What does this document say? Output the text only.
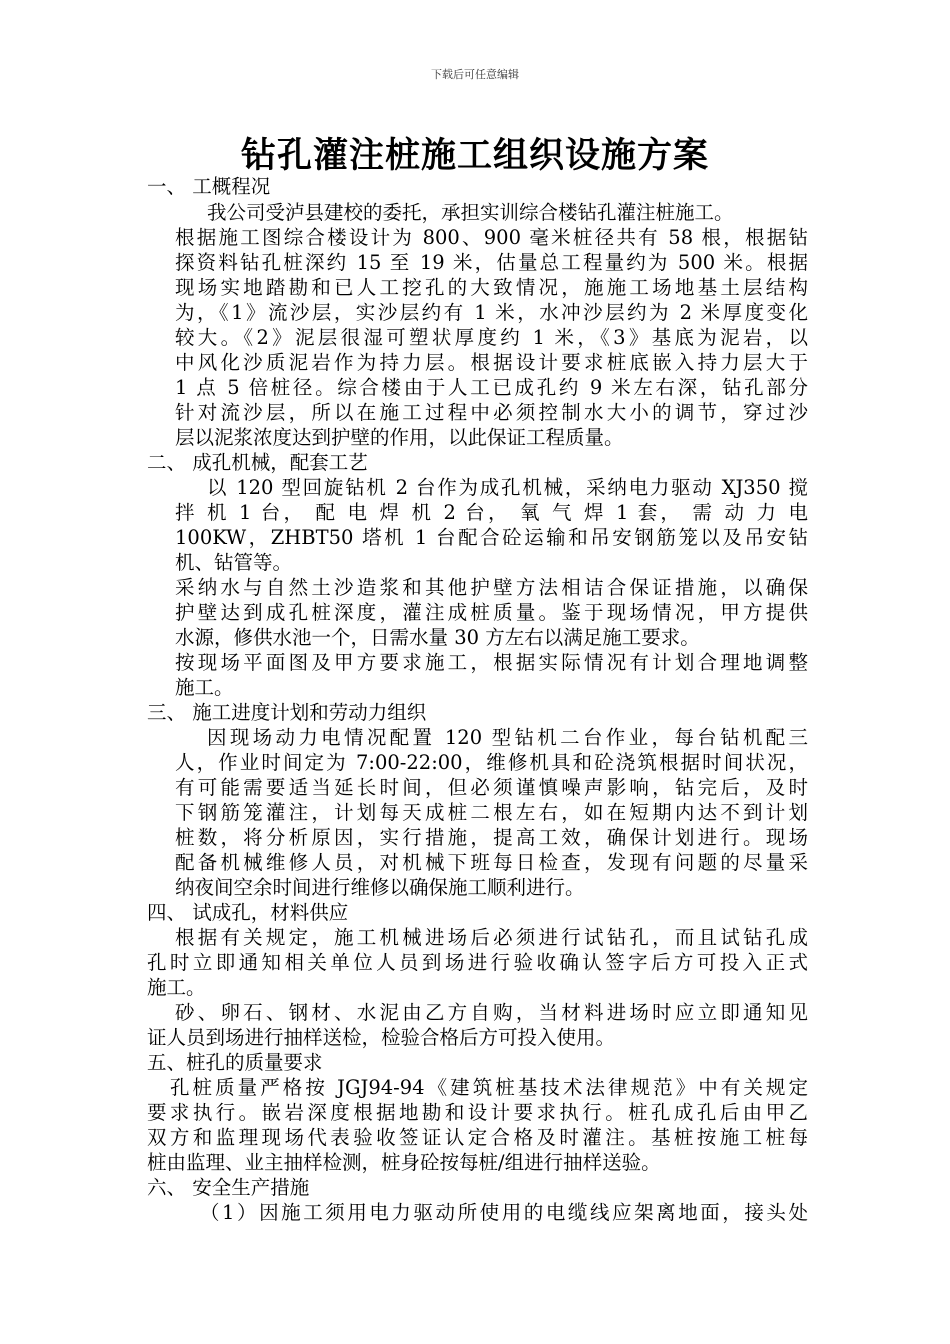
下载后可任意编辑
钻孔灌注桩施工组织设施方案
一、 工概程况
我公司受泸县建校的委托，承担实训综合楼钻孔灌注桩施工。
根据施工图综合楼设计为 800、900 毫米桩径共有 58 根，根据钻
探资料钻孔桩深约 15 至 19 米，估量总工程量约为 500 米。根据
现场实地踏勘和已人工挖孔的大致情况，施施工场地基土层结构
为，《1》流沙层，实沙层约有 1 米，水冲沙层约为 2 米厚度变化
较大。《2》泥层很湿可塑状厚度约 1 米，《3》基底为泥岩，以
中风化沙质泥岩作为持力层。根据设计要求桩底嵌入持力层大于
1 点 5 倍桩径。综合楼由于人工已成孔约 9 米左右深，钻孔部分
针对流沙层，所以在施工过程中必须控制水大小的调节，穿过沙
层以泥浆浓度达到护壁的作用，以此保证工程质量。
二、 成孔机械，配套工艺
以 120 型回旋钻机 2 台作为成孔机械，采纳电力驱动 XJ350 搅
拌 机 1 台， 配 电 焊 机 2 台， 氧 气 焊 1 套， 需 动 力 电
100KW，ZHBT50 塔机 1 台配合砼运输和吊安钢筋笼以及吊安钻
机、钻管等。
采纳水与自然土沙造浆和其他护壁方法相诘合保证措施，以确保
护壁达到成孔桩深度，灌注成桩质量。鉴于现场情况，甲方提供
水源，修供水池一个，日需水量 30 方左右以满足施工要求。
按现场平面图及甲方要求施工，根据实际情况有计划合理地调整
施工。
三、 施工进度计划和劳动力组织
因现场动力电情况配置 120 型钻机二台作业，每台钻机配三
人，作业时间定为 7:00-22:00，维修机具和砼浇筑根据时间状况，
有可能需要适当延长时间，但必须谨慎噪声影响，钻完后，及时
下钢筋笼灌注，计划每天成桩二根左右，如在短期内达不到计划
桩数，将分析原因，实行措施，提高工效，确保计划进行。现场
配备机械维修人员，对机械下班每日检查，发现有问题的尽量采
纳夜间空余时间进行维修以确保施工顺利进行。
四、 试成孔，材料供应
根据有关规定，施工机械进场后必须进行试钻孔，而且试钻孔成
孔时立即通知相关单位人员到场进行验收确认签字后方可投入正式
施工。
砂、卵石、钢材、水泥由乙方自购，当材料进场时应立即通知见
证人员到场进行抽样送检，检验合格后方可投入使用。
五、桩孔的质量要求
孔桩质量严格按 JGJ94-94《建筑桩基技术法律规范》中有关规定
要求执行。嵌岩深度根据地勘和设计要求执行。桩孔成孔后由甲乙
双方和监理现场代表验收签证认定合格及时灌注。基桩按施工桩每
桩由监理、业主抽样检测，桩身砼按每桩/组进行抽样送验。
六、 安全生产措施
（1）因施工须用电力驱动所使用的电缆线应架离地面，接头处
